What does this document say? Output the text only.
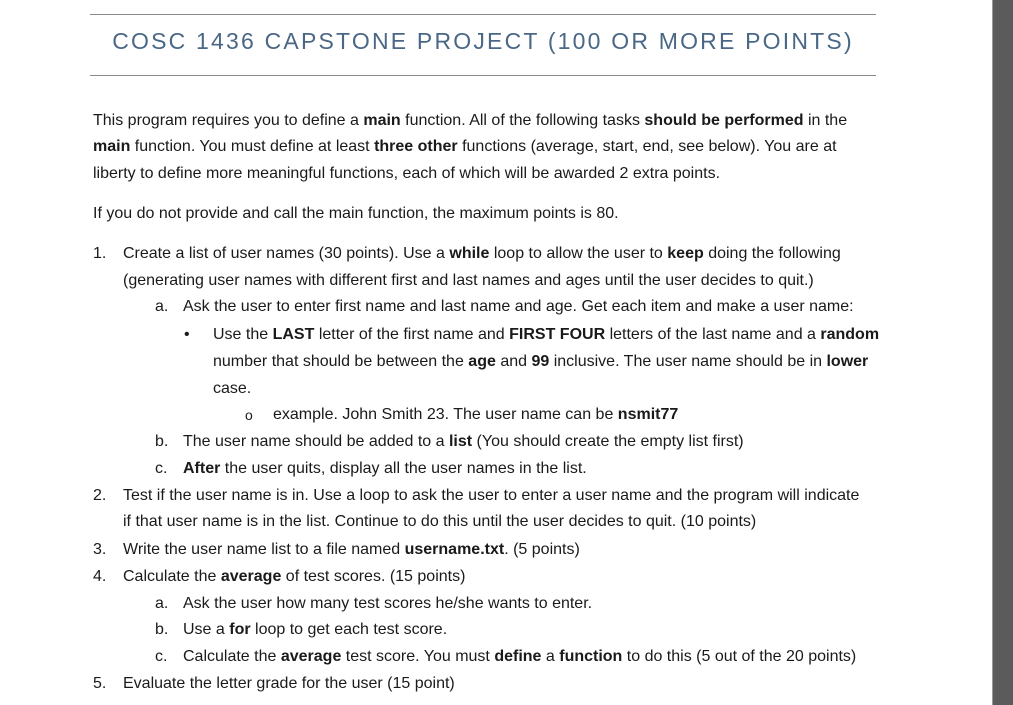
COSC 1436 CAPSTONE PROJECT (100 OR MORE POINTS)
This program requires you to define a main function. All of the following tasks should be performed in the
main function. You must define at least three other functions (average, start, end, see below). You are at
liberty to define more meaningful functions, each of which will be awarded 2 extra points.
If you do not provide and call the main function, the maximum points is 80.
1. Create a list of user names (30 points). Use a while loop to allow the user to keep doing the following
(generating user names with different first and last names and ages until the user decides to quit.)
a. Ask the user to enter first name and last name and age. Get each item and make a user name:
• Use the LAST letter of the first name and FIRST FOUR letters of the last name and a random
number that should be between the age and 99 inclusive. The user name should be in lower
case.
o example. John Smith 23. The user name can be nsmit77
b. The user name should be added to a list (You should create the empty list first)
c. After the user quits, display all the user names in the list.
2. Test if the user name is in. Use a loop to ask the user to enter a user name and the program will indicate
if that user name is in the list. Continue to do this until the user decides to quit. (10 points)
3. Write the user name list to a file named username.txt. (5 points)
4. Calculate the average of test scores. (15 points)
a. Ask the user how many test scores he/she wants to enter.
b. Use a for loop to get each test score.
c. Calculate the average test score. You must define a function to do this (5 out of the 20 points)
5. Evaluate the letter grade for the user (15 point)
